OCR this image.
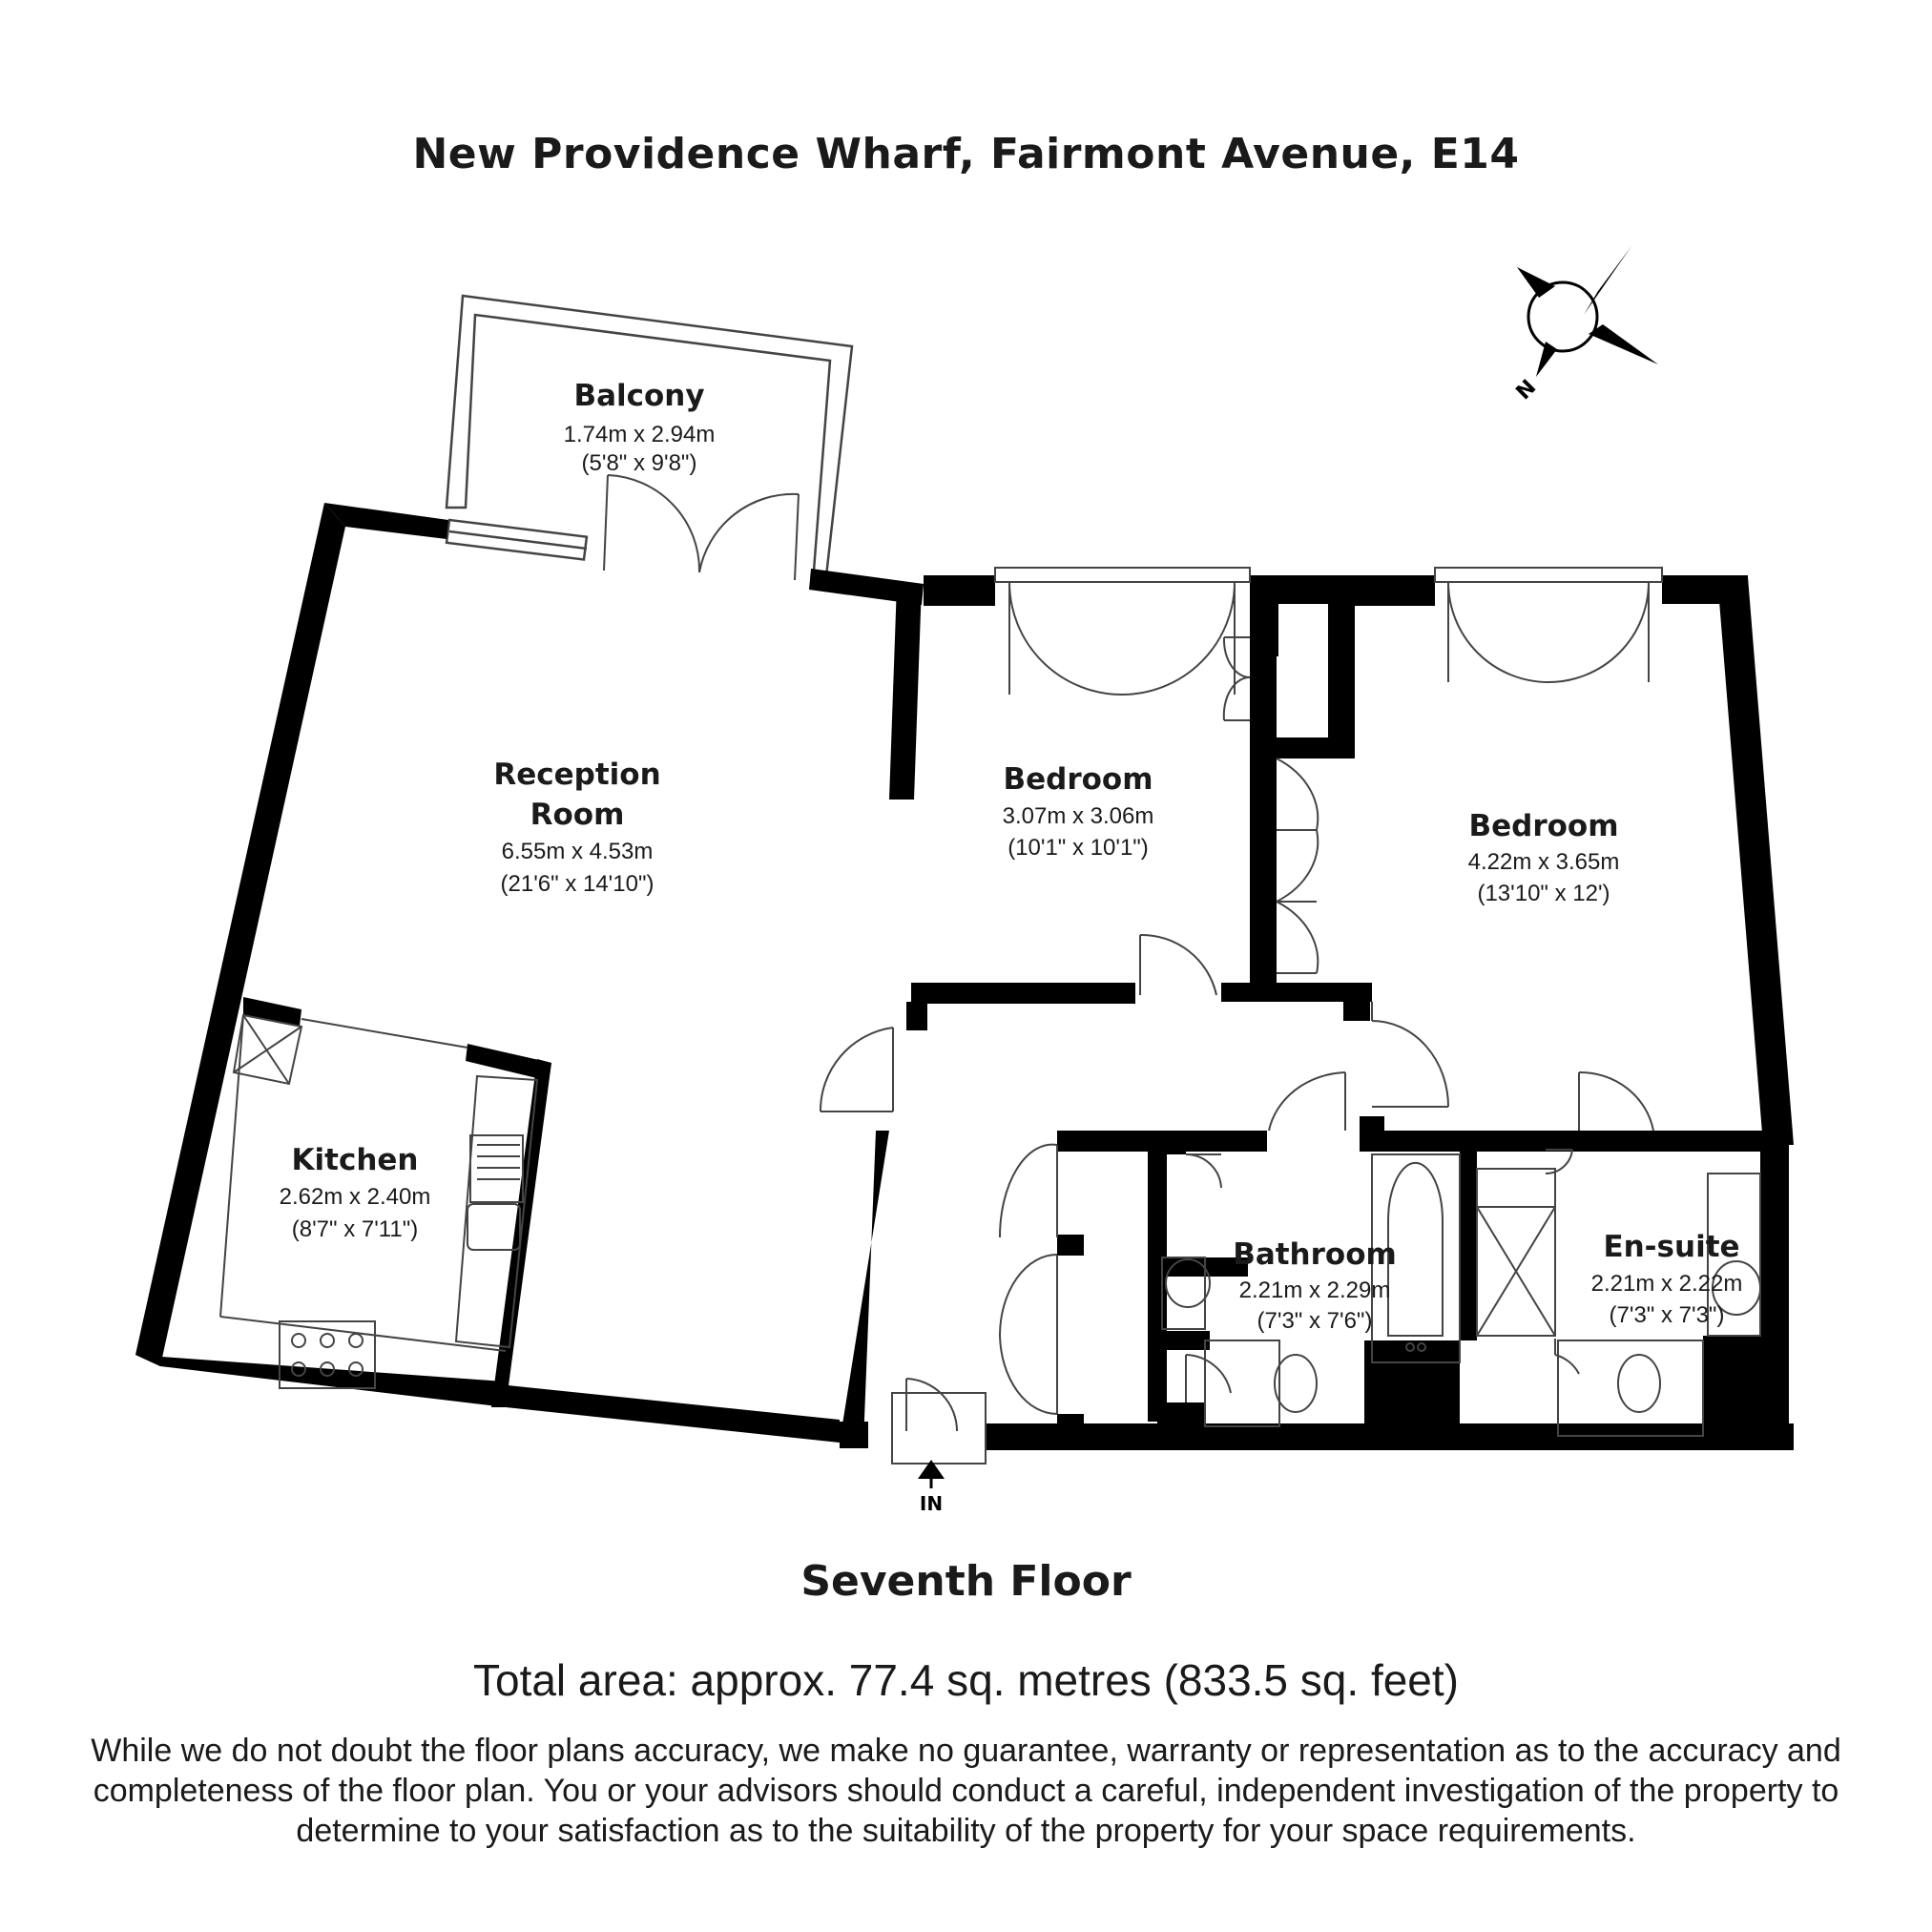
New Providence Wharf, Fairmont Avenue, E14
N
IN
Balcony
1.74m x 2.94m
(5'8" x 9'8")
Reception
Room
6.55m x 4.53m
(21'6" x 14'10")
Bedroom
3.07m x 3.06m
(10'1" x 10'1")
Bedroom
4.22m x 3.65m
(13'10" x 12')
Kitchen
2.62m x 2.40m
(8'7" x 7'11")
Bathroom
2.21m x 2.29m
(7'3" x 7'6")
En-suite
2.21m x 2.22m
(7'3" x 7'3")
Seventh Floor
Total area: approx. 77.4 sq. metres (833.5 sq. feet)

While we do not doubt the floor plans accuracy, we make no guarantee, warranty or representation as to the accuracy and completeness of the floor plan. You or your advisors should conduct a careful, independent investigation of the property to determine to your satisfaction as to the suitability of the property for your space requirements.
